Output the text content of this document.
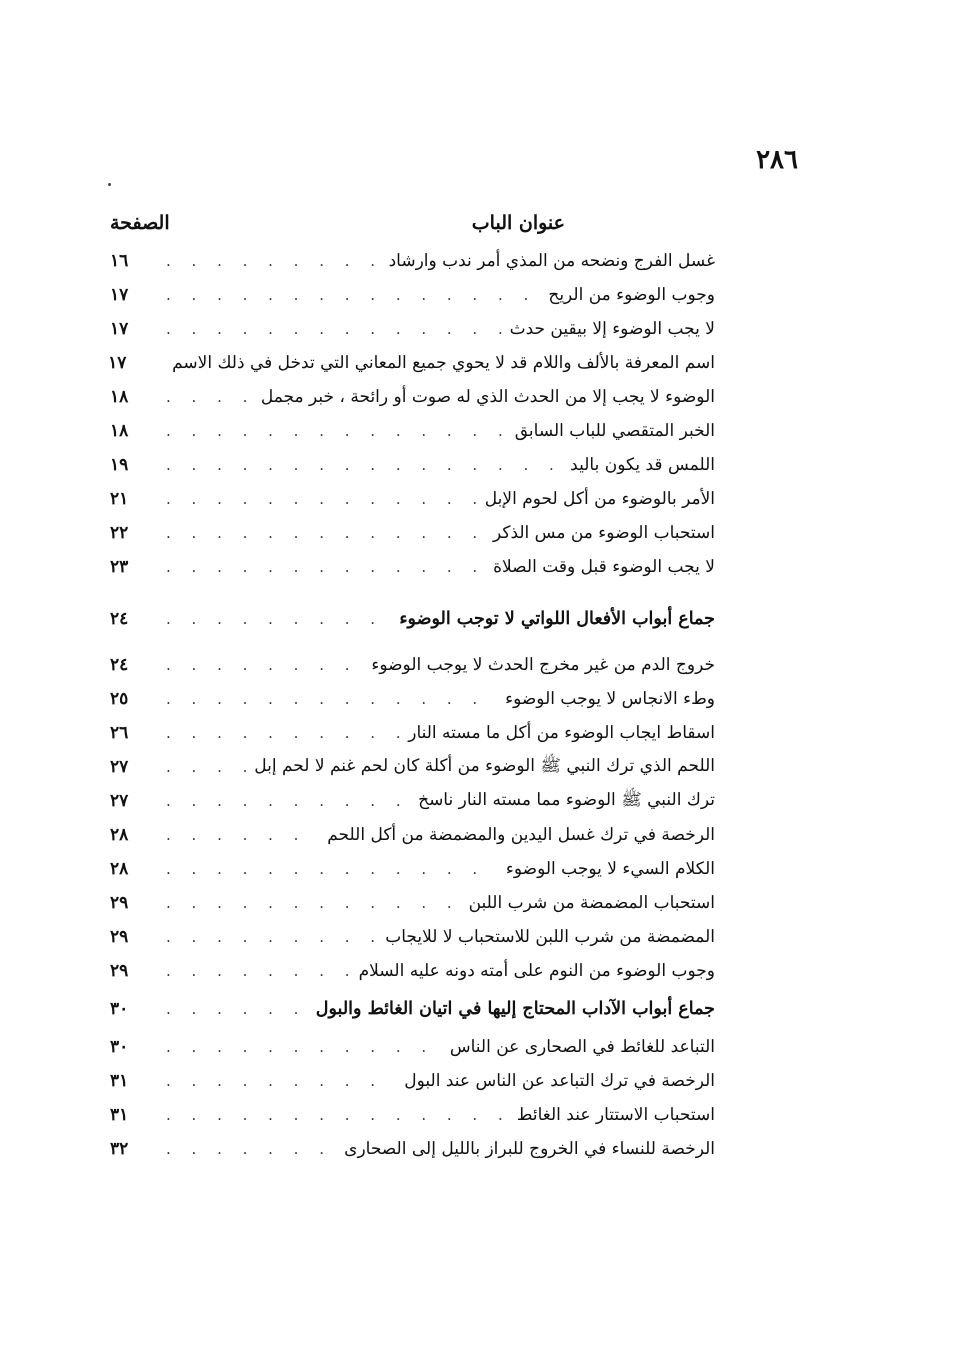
٢٨٦
عنوان الباب
الصفحة
غسل الفرج ونضحه من المذي أمر ندب وارشاد
. . .
١٦
وجوب الوضوء من الريح
. . .
١٧
لا يجب الوضوء إلا بيقين حدث
. . .
١٧
اسم المعرفة بالألف واللام قد لا يحوي جميع المعاني التي تدخل في ذلك الاسم
١٧
الوضوء لا يجب إلا من الحدث الذي له صوت أو رائحة ، خبر مجمل
. . .
١٨
الخبر المتقصي للباب السابق
. . .
١٨
اللمس قد يكون باليد
. . .
١٩
الأمر بالوضوء من أكل لحوم الإبل
. . .
٢١
استحباب الوضوء من مس الذكر
. . .
٢٢
لا يجب الوضوء قبل وقت الصلاة
. . .
٢٣
جماع أبواب الأفعال اللواتي لا توجب الوضوء
. . .
٢٤
خروج الدم من غير مخرج الحدث لا يوجب الوضوء
. . .
٢٤
وطء الانجاس لا يوجب الوضوء
. . .
٢٥
اسقاط ايجاب الوضوء من أكل ما مسته النار
. . .
٢٦
اللحم الذي ترك النبي ﷺ الوضوء من أكلة كان لحم غنم لا لحم إبل
. . .
٢٧
ترك النبي ﷺ الوضوء مما مسته النار ناسخ
. . .
٢٧
الرخصة في ترك غسل اليدين والمضمضة من أكل اللحم
. . .
٢٨
الكلام السيء لا يوجب الوضوء
. . .
٢٨
استحباب المضمضة من شرب اللبن
. . .
٢٩
المضمضة من شرب اللبن للاستحباب لا للايجاب
. . .
٢٩
وجوب الوضوء من النوم على أمته دونه عليه السلام
. . .
٢٩
جماع أبواب الآداب المحتاج إليها في اتيان الغائط والبول
. . .
٣٠
التباعد للغائط في الصحارى عن الناس
. . .
٣٠
الرخصة في ترك التباعد عن الناس عند البول
. . .
٣١
استحباب الاستتار عند الغائط
. . .
٣١
الرخصة للنساء في الخروج للبراز بالليل إلى الصحارى
. . .
٣٢
